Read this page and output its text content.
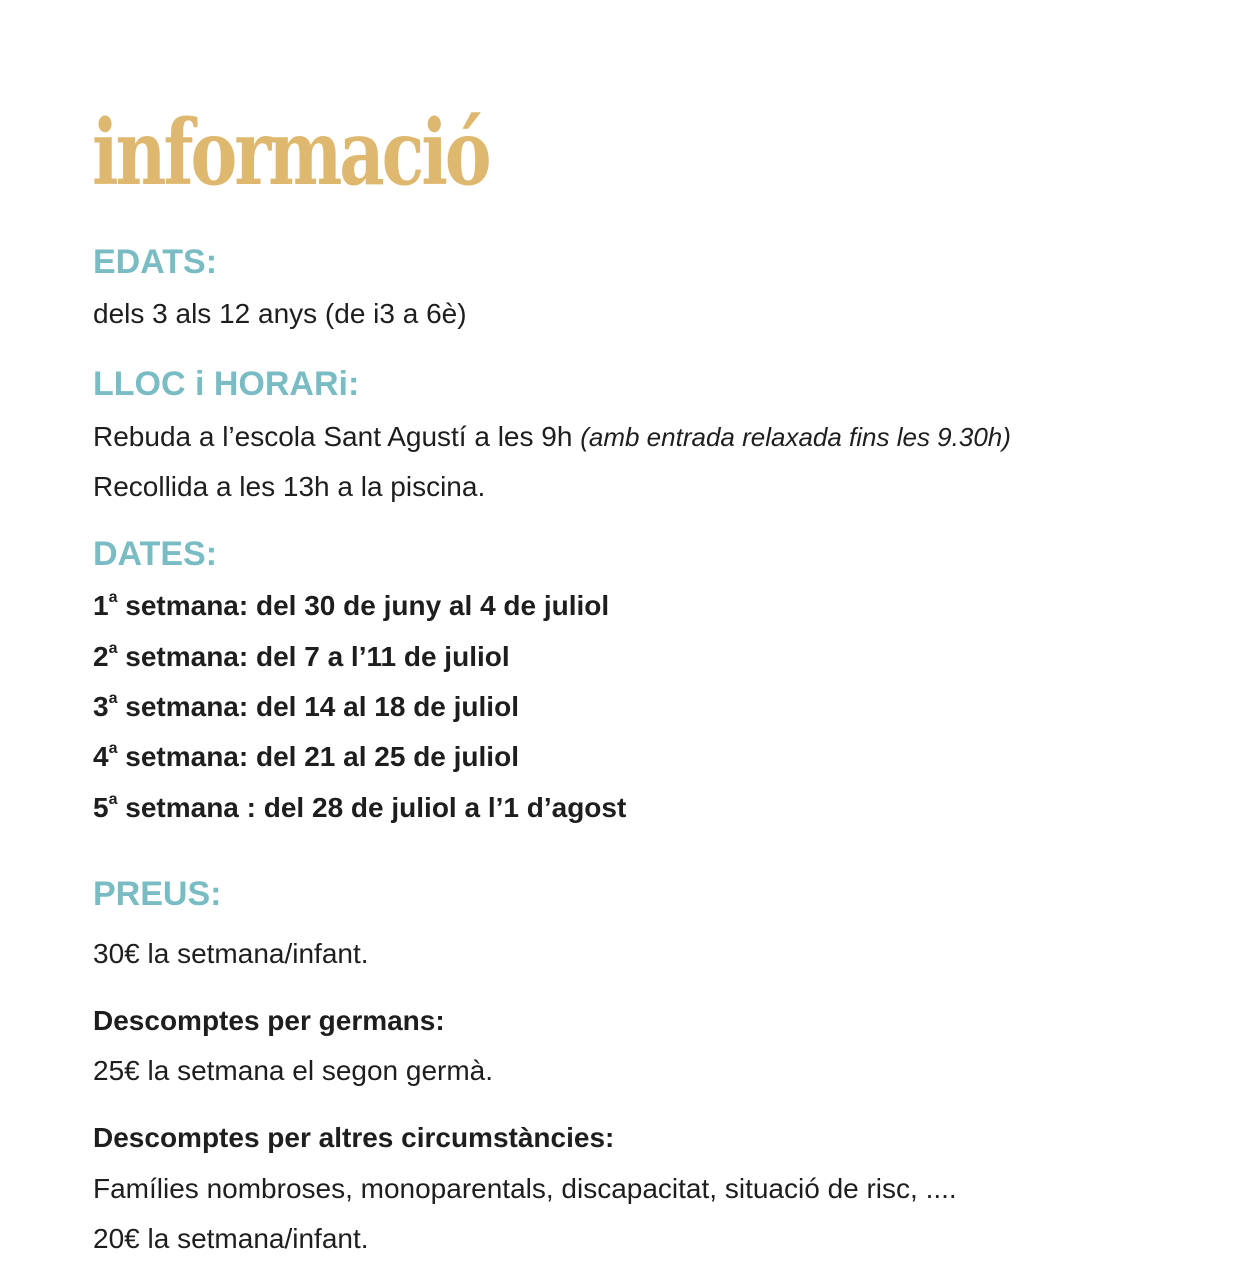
informació
EDATS:

dels 3 als 12 anys (de i3 a 6è)

LLOC i HORARi:

Rebuda a l’escola Sant Agustí a les 9h (amb entrada relaxada fins les 9.30h)

Recollida a les 13h a la piscina.

DATES:

1$^a$ setmana: del 30 de juny al 4 de juliol

2$^a$ setmana: del 7 a l’11 de juliol

3$^a$ setmana: del 14 al 18 de juliol

4$^a$ setmana: del 21 al 25 de juliol

5$^a$ setmana : del 28 de juliol a l’1 d’agost

PREUS:

30€ la setmana/infant.

Descomptes per germans:

25€ la setmana el segon germà.

Descomptes per altres circumstàncies:

Famílies nombroses, monoparentals, discapacitat, situació de risc, ....

20€ la setmana/infant.
